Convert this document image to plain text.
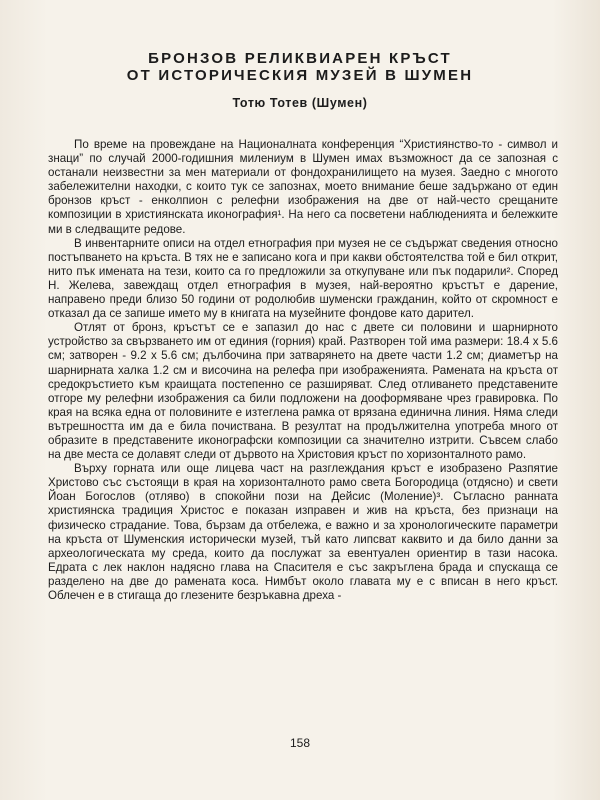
БРОНЗОВ РЕЛИКВИАРЕН КРЪСТ
ОТ ИСТОРИЧЕСКИЯ МУЗЕЙ В ШУМЕН
Тотю Тотев (Шумен)

По време на провеждане на Националната конференция “Християнство-то - символ и знаци” по случай 2000-годишния милениум в Шумен имах възможност да се запозная с останали неизвестни за мен материали от фондохранилището на музея. Заедно с многото забележителни находки, с които тук се запознах, моето внимание беше задържано от един бронзов кръст - енколпион с релефни изображения на две от най-често срещаните композиции в християнската иконография¹. На него са посветени наблюденията и бележките ми в следващите редове.

В инвентарните описи на отдел етнография при музея не се съдържат сведения относно постъпването на кръста. В тях не е записано кога и при какви обстоятелства той е бил открит, нито пък имената на тези, които са го предложили за откупуване или пък подарили². Според Н. Желева, завеждащ отдел етнография в музея, най-вероятно кръстът е дарение, направено преди близо 50 години от родолюбив шуменски гражданин, който от скромност е отказал да се запише името му в книгата на музейните фондове като дарител.

Отлят от бронз, кръстът се е запазил до нас с двете си половини и шарнирното устройство за свързването им от единия (горния) край. Разтворен той има размери: 18.4 х 5.6 см; затворен - 9.2 х 5.6 см; дълбочина при затварянето на двете части 1.2 см; диаметър на шарнирната халка 1.2 см и височина на релефа при изображенията. Рамената на кръста от средокръстието към краищата постепенно се разширяват. След отливането представените отгоре му релефни изображения са били подложени на дооформяване чрез гравировка. По края на всяка една от половините е изтеглена рамка от врязана единична линия. Няма следи вътрешността им да е била почиствана. В резултат на продължителна употреба много от образите в представените иконографски композиции са значително изтрити. Съвсем слабо на две места се долавят следи от дървото на Христовия кръст по хоризонталното рамо.

Върху горната или още лицева част на разглеждания кръст е изобразено Разпятие Христово със състоящи в края на хоризонталното рамо света Богородица (отдясно) и свети Йоан Богослов (отляво) в спокойни пози на Дейсис (Моление)³. Съгласно ранната християнска традиция Христос е показан изправен и жив на кръста, без признаци на физическо страдание. Това, бързам да отбележа, е важно и за хронологическите параметри на кръста от Шуменския исторически музей, тъй като липсват каквито и да било данни за археологическата му среда, които да послужат за евентуален ориентир в тази насока. Едрата с лек наклон надясно глава на Спасителя е със закръглена брада и спускаща се разделено на две до рамената коса. Нимбът около главата му е с вписан в него кръст. Облечен е в стигаща до глезените безръкавна дреха -

158
